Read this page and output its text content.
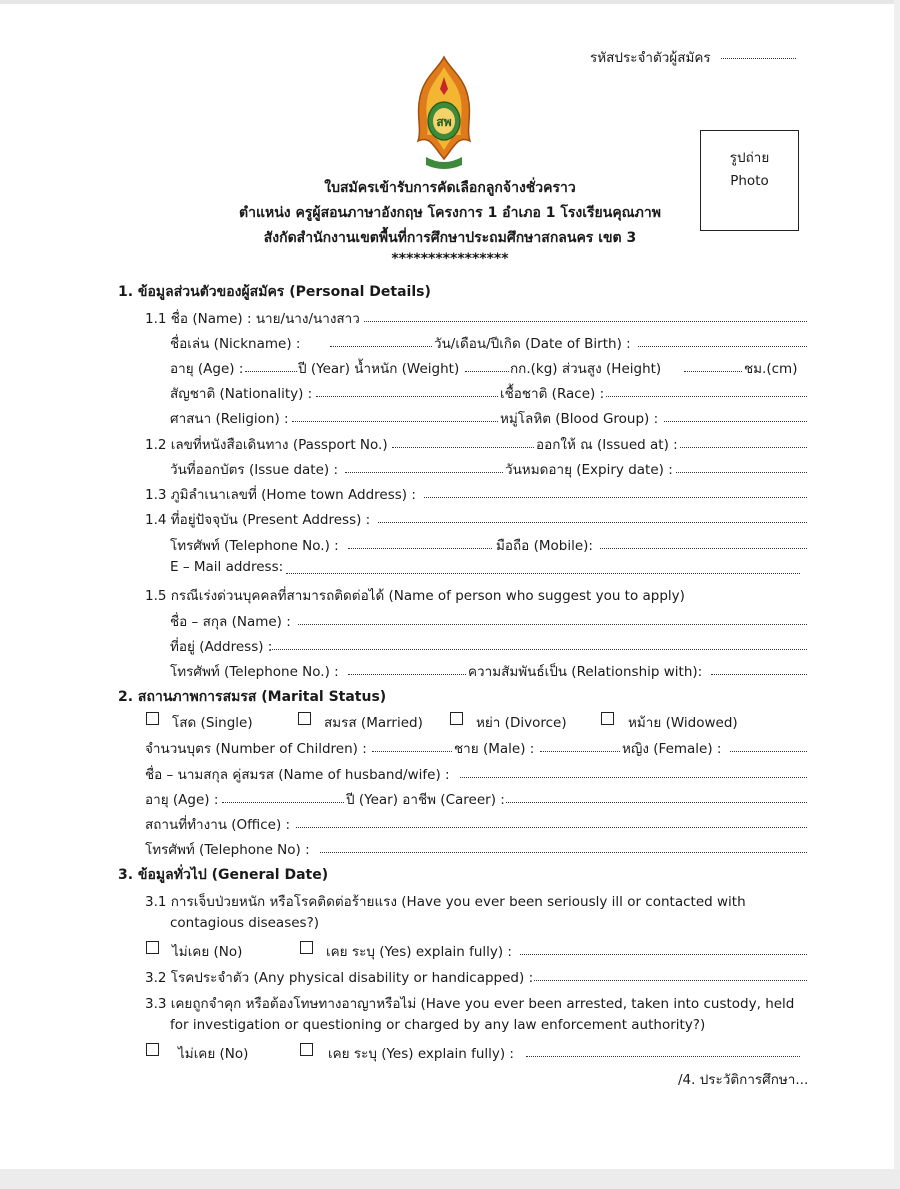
รหัสประจำตัวผู้สมัคร
สพ
รูปถ่าย
Photo
ใบสมัครเข้ารับการคัดเลือกลูกจ้างชั่วคราว
ตำแหน่ง ครูผู้สอนภาษาอังกฤษ โครงการ 1 อำเภอ 1 โรงเรียนคุณภาพ
สังกัดสำนักงานเขตพื้นที่การศึกษาประถมศึกษาสกลนคร เขต 3
****************
1. ข้อมูลส่วนตัวของผู้สมัคร (Personal Details)
1.1 ชื่อ (Name) : นาย/นาง/นางสาว
ชื่อเล่น (Nickname) :	วัน/เดือน/ปีเกิด (Date of Birth) :
อายุ (Age) :	ปี (Year) น้ำหนัก (Weight)	กก.(kg) ส่วนสูง (Height)	ชม.(cm)
สัญชาติ (Nationality) :	เชื้อชาติ (Race) :
ศาสนา (Religion) :	หมู่โลหิต (Blood Group) :
1.2 เลขที่หนังสือเดินทาง (Passport No.)	ออกให้ ณ (Issued at) :
วันที่ออกบัตร (Issue date) :	วันหมดอายุ (Expiry date) :
1.3 ภูมิลำเนาเลขที่ (Home town Address) :
1.4 ที่อยู่ปัจจุบัน (Present Address) :
โทรศัพท์ (Telephone No.) :	มือถือ (Mobile):
E – Mail address:
1.5 กรณีเร่งด่วนบุคคลที่สามารถติดต่อได้ (Name of person who suggest you to apply)
ชื่อ – สกุล (Name) :
ที่อยู่ (Address) :
โทรศัพท์ (Telephone No.) :	ความสัมพันธ์เป็น (Relationship with):
2. สถานภาพการสมรส (Marital Status)
โสด (Single)	สมรส (Married)	หย่า (Divorce)	หม้าย (Widowed)
จำนวนบุตร (Number of Children) :	ชาย (Male) :	หญิง (Female) :
ชื่อ – นามสกุล คู่สมรส (Name of husband/wife) :
อายุ (Age) :	ปี (Year) อาชีพ (Career) :
สถานที่ทำงาน (Office) :
โทรศัพท์ (Telephone No) :
3. ข้อมูลทั่วไป (General Date)
3.1 การเจ็บป่วยหนัก หรือโรคติดต่อร้ายแรง (Have you ever been seriously ill or contacted with
contagious diseases?)
ไม่เคย (No)	เคย ระบุ (Yes) explain fully) :
3.2 โรคประจำตัว (Any physical disability or handicapped) :
3.3 เคยถูกจำคุก หรือต้องโทษทางอาญาหรือไม่ (Have you ever been arrested, taken into custody, held
for investigation or questioning or charged by any law enforcement authority?)
ไม่เคย (No)	เคย ระบุ (Yes) explain fully) :
/4. ประวัติการศึกษา...
